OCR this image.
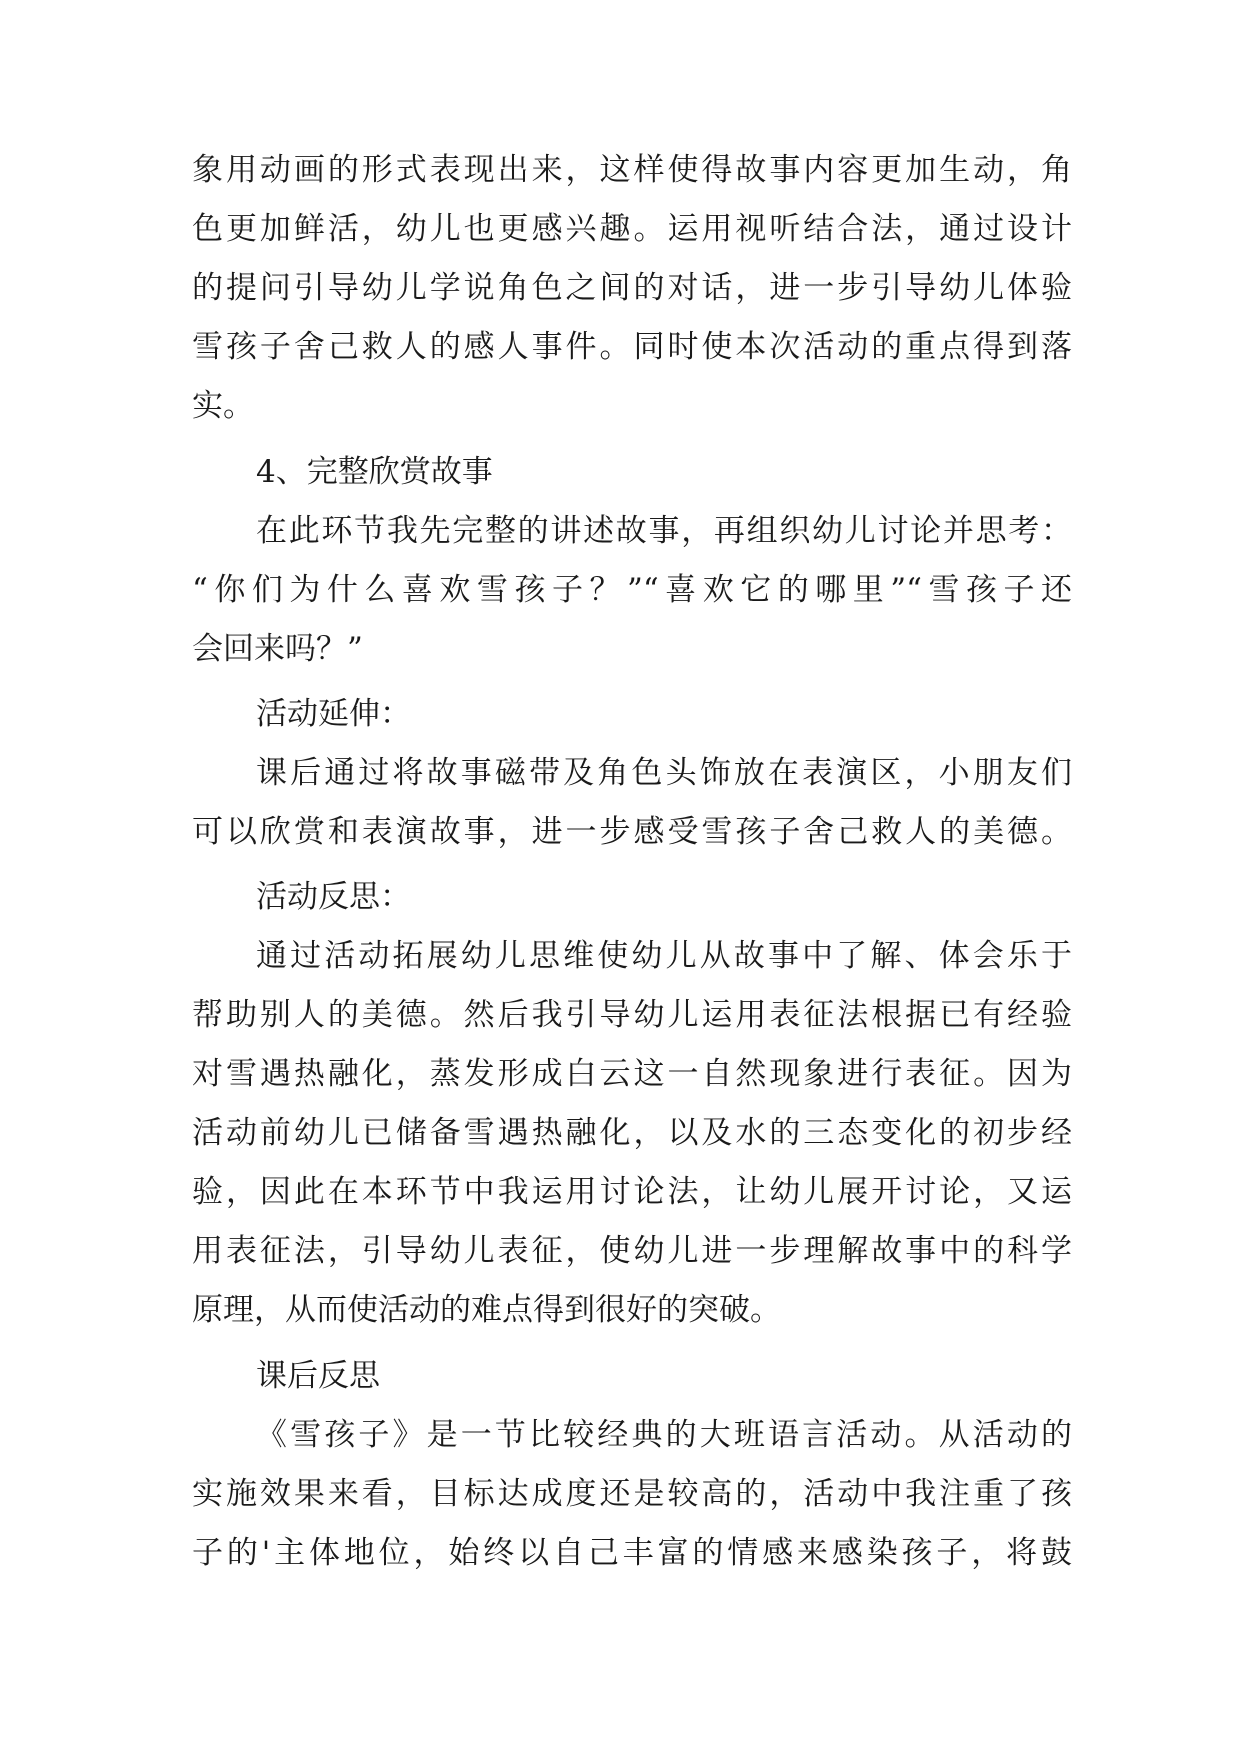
象用动画的形式表现出来，这样使得故事内容更加生动，角
色更加鲜活，幼儿也更感兴趣。运用视听结合法，通过设计
的提问引导幼儿学说角色之间的对话，进一步引导幼儿体验
雪孩子舍己救人的感人事件。同时使本次活动的重点得到落
实。
4、完整欣赏故事
在此环节我先完整的讲述故事，再组织幼儿讨论并思考：
“你们为什么喜欢雪孩子？”“喜欢它的哪里”“雪孩子还
会回来吗？”
活动延伸：
课后通过将故事磁带及角色头饰放在表演区，小朋友们
可以欣赏和表演故事，进一步感受雪孩子舍己救人的美德。
活动反思：
通过活动拓展幼儿思维使幼儿从故事中了解、体会乐于
帮助别人的美德。然后我引导幼儿运用表征法根据已有经验
对雪遇热融化，蒸发形成白云这一自然现象进行表征。因为
活动前幼儿已储备雪遇热融化，以及水的三态变化的初步经
验，因此在本环节中我运用讨论法，让幼儿展开讨论，又运
用表征法，引导幼儿表征，使幼儿进一步理解故事中的科学
原理，从而使活动的难点得到很好的突破。
课后反思
《雪孩子》是一节比较经典的大班语言活动。从活动的
实施效果来看，目标达成度还是较高的，活动中我注重了孩
子的'主体地位，始终以自己丰富的情感来感染孩子，将鼓
